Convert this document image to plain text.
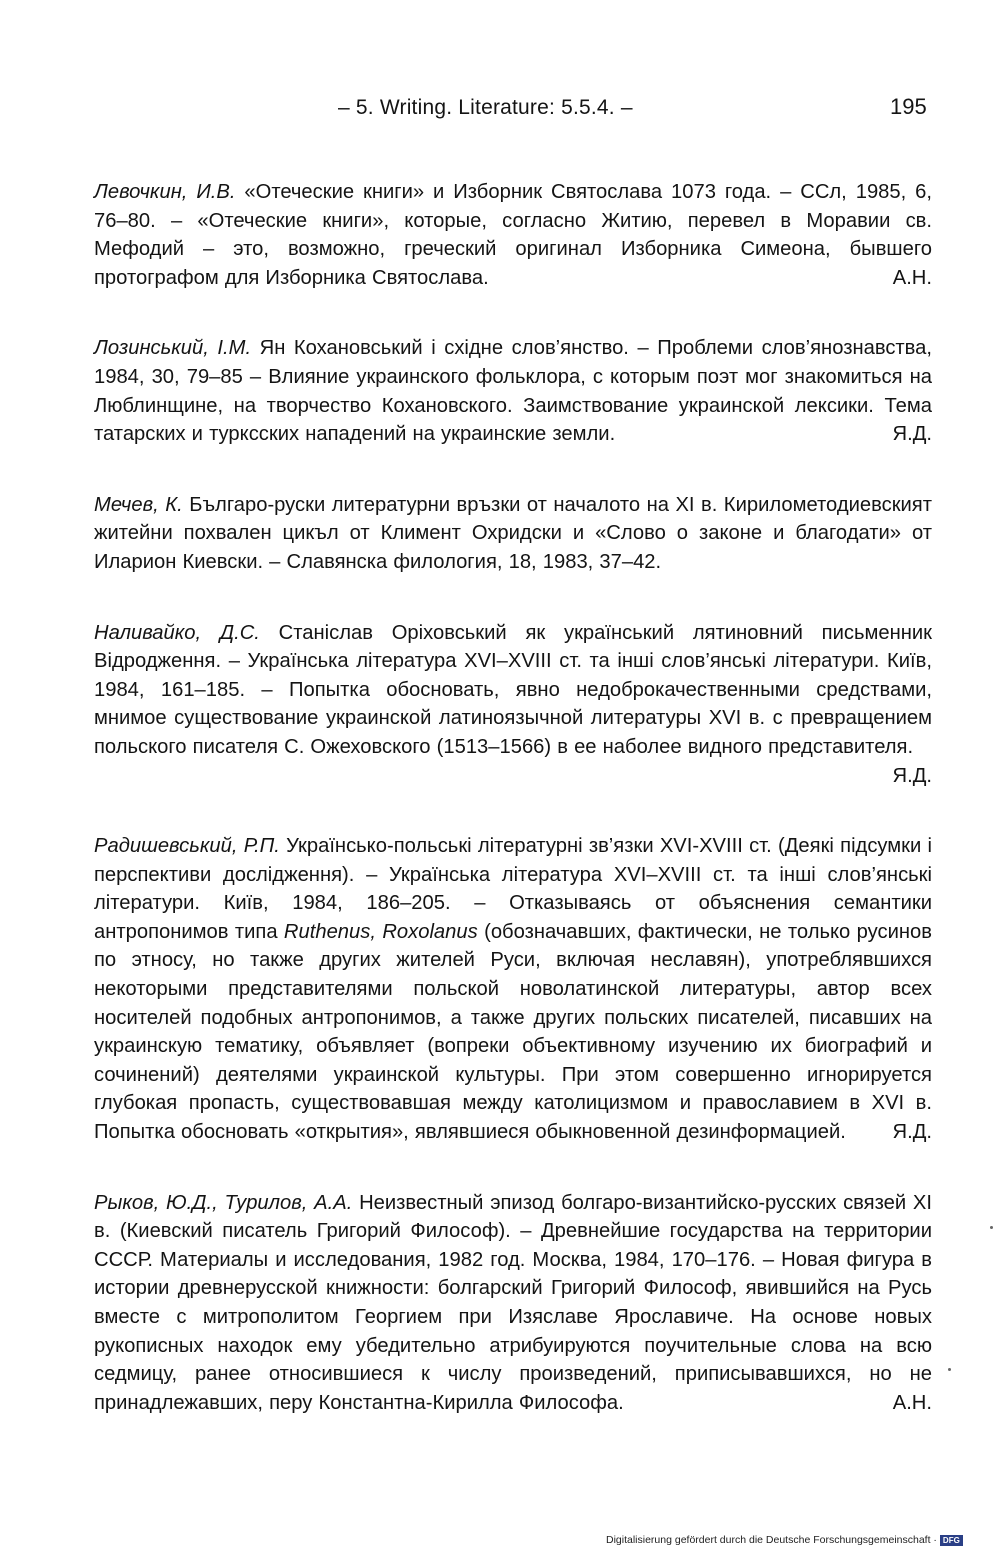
– 5. Writing. Literature: 5.5.4. –	195

Левочкин, И.В. «Отеческие книги» и Изборник Святослава 1073 года. – ССл, 1985, 6, 76–80. – «Отеческие книги», которые, согласно Житию, перевел в Моравии св. Мефодий – это, возможно, греческий оригинал Изборника Симеона, бывшего протографом для Изборника Святослава.	А.Н.

Лозинський, І.М. Ян Кохановський і східне слов’янство. – Проблеми слов’янознавства, 1984, 30, 79–85 – Влияние украинского фольклора, с которым поэт мог знакомиться на Люблинщине, на творчество Кохановского. Заимствование украинской лексики. Тема татарских и турксских нападений на украинские земли.	Я.Д.

Мечев, К. Българо-руски литературни връзки от началото на XI в. Кирилометодиевският житейни похвален цикъл от Климент Охридски и «Слово о законе и благодати» от Иларион Киевски. – Славянска филология, 18, 1983, 37–42.

Наливайко, Д.С. Станіслав Оріховський як український лятиновний письменник Відродження. – Українська література XVI–XVIII ст. та інші слов’янські літератури. Київ, 1984, 161–185. – Попытка обосновать, явно недоброкачественными средствами, мнимое существование украинской латиноязычной литературы XVI в. с превращением польского писателя С. Ожеховского (1513–1566) в ее наболее видного представителя.
Я.Д.

Радишевський, Р.П. Українсько-польські літературні зв’язки XVI-XVIII ст. (Деякі підсумки і перспективи дослідження). – Українська література XVI–XVIII ст. та інші слов’янські літератури. Київ, 1984, 186–205. – Отказываясь от объяснения семантики антропонимов типа Ruthenus, Roxolanus (обозначавших, фактически, не только русинов по этносу, но также других жителей Руси, включая неславян), употреблявшихся некоторыми представителями польской новолатинской литературы, автор всех носителей подобных антропонимов, а также других польских писателей, писавших на украинскую тематику, объявляет (вопреки объективному изучению их биографий и сочинений) деятелями украинской культуры. При этом совершенно игнорируется глубокая пропасть, существовавшая между католицизмом и православием в XVI в. Попытка обосновать «открытия», являвшиеся обыкновенной дезинформацией. Я.Д.

Рыков, Ю.Д., Турилов, А.А. Неизвестный эпизод болгаро-византийско-русских связей XI в. (Киевский писатель Григорий Философ). – Древнейшие государства на территории СССР. Материалы и исследования, 1982 год. Москва, 1984, 170–176. – Новая фигура в истории древнерусской книжности: болгарский Григорий Философ, явившийся на Русь вместе с митрополитом Георгием при Изяславе Ярославиче. На основе новых рукописных находок ему убедительно атрибуируются поучительные слова на всю седмицу, ранее относившиеся к числу произведений, приписывавшихся, но не принадлежавших, перу Константна-Кирилла Философа.	А.Н.

Digitalisierung gefördert durch die Deutsche Forschungsgemeinschaft · DFG
